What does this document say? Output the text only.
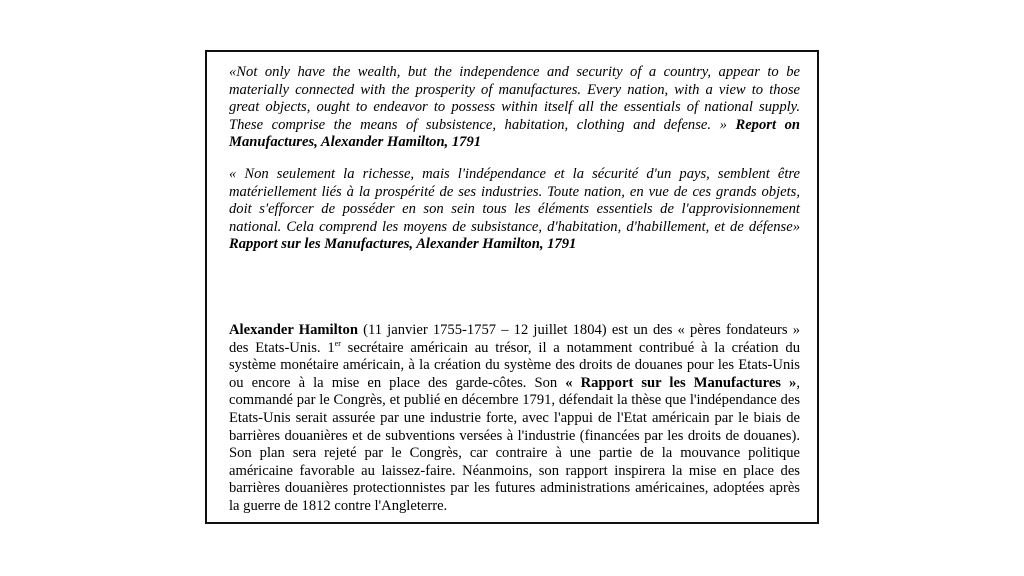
«Not only have the wealth, but the independence and security of a country, appear to be materially connected with the prosperity of manufactures. Every nation, with a view to those great objects, ought to endeavor to possess within itself all the essentials of national supply. These comprise the means of subsistence, habitation, clothing and defense. » Report on Manufactures, Alexander Hamilton, 1791

« Non seulement la richesse, mais l'indépendance et la sécurité d'un pays, semblent être matériellement liés à la prospérité de ses industries. Toute nation, en vue de ces grands objets, doit s'efforcer de posséder en son sein tous les éléments essentiels de l'approvisionnement national. Cela comprend les moyens de subsistance, d'habitation, d'habillement, et de défense» Rapport sur les Manufactures, Alexander Hamilton, 1791

Alexander Hamilton (11 janvier 1755-1757 – 12 juillet 1804) est un des « pères fondateurs » des Etats-Unis. 1er secrétaire américain au trésor, il a notamment contribué à la création du système monétaire américain, à la création du système des droits de douanes pour les Etats-Unis ou encore à la mise en place des garde-côtes. Son « Rapport sur les Manufactures », commandé par le Congrès, et publié en décembre 1791, défendait la thèse que l'indépendance des Etats-Unis serait assurée par une industrie forte, avec l'appui de l'Etat américain par le biais de barrières douanières et de subventions versées à l'industrie (financées par les droits de douanes). Son plan sera rejeté par le Congrès, car contraire à une partie de la mouvance politique américaine favorable au laissez-faire. Néanmoins, son rapport inspirera la mise en place des barrières douanières protectionnistes par les futures administrations américaines, adoptées après la guerre de 1812 contre l'Angleterre.
